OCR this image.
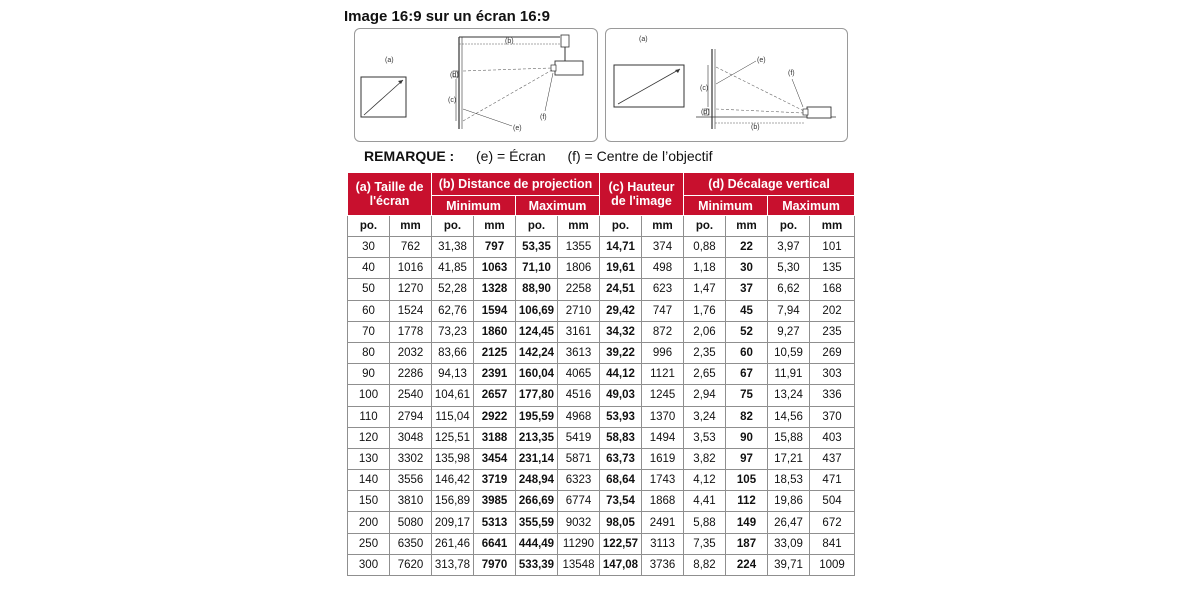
Image 16:9 sur un écran 16:9
(b)
(a)
(d)
(c)
(e)
(f)
(b)
(a)
(c)
(d)
(e)
(f)
REMARQUE : (e) = Écran (f) = Centre de l’objectif
(a) Taille de l'écran		(b) Distance de projection				(c) Hauteur de l'image		(d) Décalage vertical			
		Minimum		Maximum				Minimum		Maximum	
po.	mm	po.	mm	po.	mm	po.	mm	po.	mm	po.	mm
30	762	31,38	797	53,35	1355	14,71	374	0,88	22	3,97	101
40	1016	41,85	1063	71,10	1806	19,61	498	1,18	30	5,30	135
50	1270	52,28	1328	88,90	2258	24,51	623	1,47	37	6,62	168
60	1524	62,76	1594	106,69	2710	29,42	747	1,76	45	7,94	202
70	1778	73,23	1860	124,45	3161	34,32	872	2,06	52	9,27	235
80	2032	83,66	2125	142,24	3613	39,22	996	2,35	60	10,59	269
90	2286	94,13	2391	160,04	4065	44,12	1121	2,65	67	11,91	303
100	2540	104,61	2657	177,80	4516	49,03	1245	2,94	75	13,24	336
110	2794	115,04	2922	195,59	4968	53,93	1370	3,24	82	14,56	370
120	3048	125,51	3188	213,35	5419	58,83	1494	3,53	90	15,88	403
130	3302	135,98	3454	231,14	5871	63,73	1619	3,82	97	17,21	437
140	3556	146,42	3719	248,94	6323	68,64	1743	4,12	105	18,53	471
150	3810	156,89	3985	266,69	6774	73,54	1868	4,41	112	19,86	504
200	5080	209,17	5313	355,59	9032	98,05	2491	5,88	149	26,47	672
250	6350	261,46	6641	444,49	11290	122,57	3113	7,35	187	33,09	841
300	7620	313,78	7970	533,39	13548	147,08	3736	8,82	224	39,71	1009
